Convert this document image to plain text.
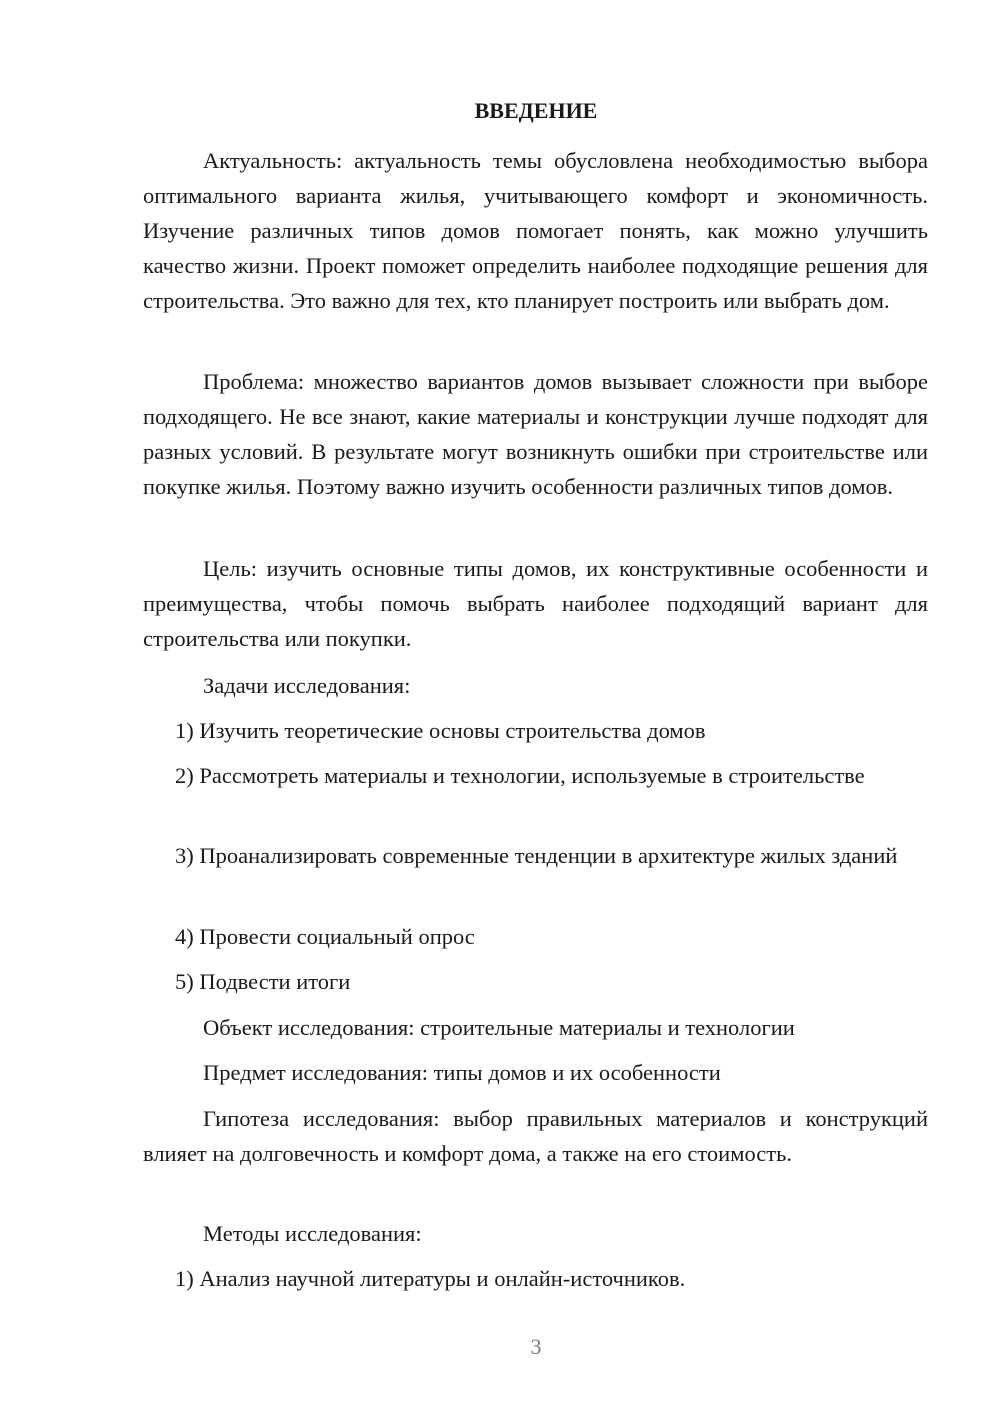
ВВЕДЕНИЕ

Актуальность: актуальность темы обусловлена необходимостью выбора оптимального варианта жилья, учитывающего комфорт и экономичность. Изучение различных типов домов помогает понять, как можно улучшить качество жизни. Проект поможет определить наиболее подходящие решения для строительства. Это важно для тех, кто планирует построить или выбрать дом.

Проблема: множество вариантов домов вызывает сложности при выборе подходящего. Не все знают, какие материалы и конструкции лучше подходят для разных условий. В результате могут возникнуть ошибки при строительстве или покупке жилья. Поэтому важно изучить особенности различных типов домов.

Цель: изучить основные типы домов, их конструктивные особенности и преимущества, чтобы помочь выбрать наиболее подходящий вариант для строительства или покупки.

Задачи исследования:

1) Изучить теоретические основы строительства домов

2) Рассмотреть материалы и технологии, используемые в строительстве

3) Проанализировать современные тенденции в архитектуре жилых зданий

4) Провести социальный опрос

5) Подвести итоги

Объект исследования: строительные материалы и технологии

Предмет исследования: типы домов и их особенности

Гипотеза исследования: выбор правильных материалов и конструкций влияет на долговечность и комфорт дома, а также на его стоимость.

Методы исследования:

1) Анализ научной литературы и онлайн-источников.

3
